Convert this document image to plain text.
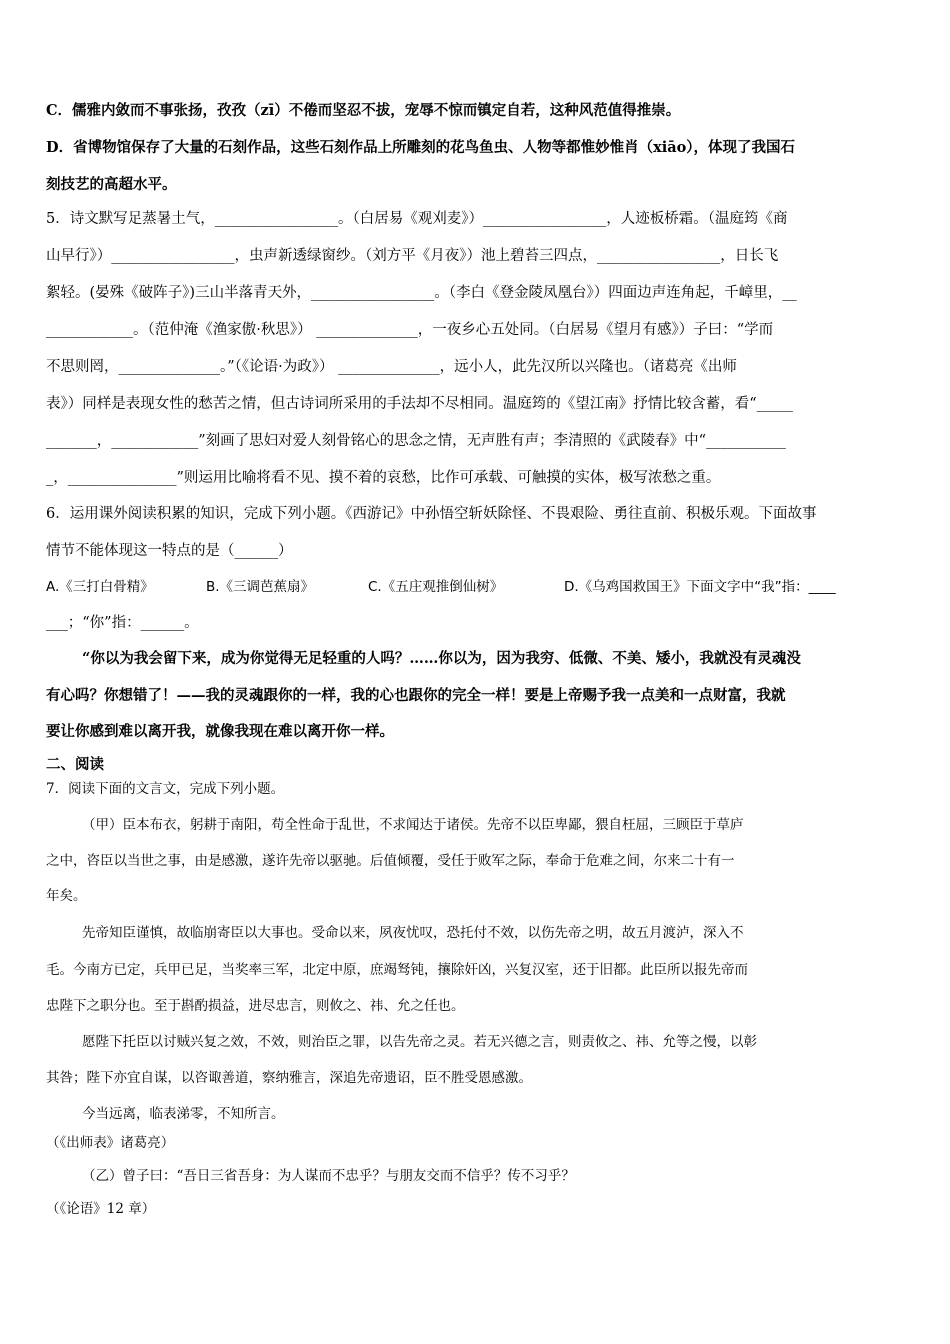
C．儒雅内敛而不事张扬，孜孜（zī）不倦而坚忍不拔，宠辱不惊而镇定自若，这种风范值得推崇。
D．省博物馆保存了大量的石刻作品，这些石刻作品上所雕刻的花鸟鱼虫、人物等都惟妙惟肖（xiāo），体现了我国石
刻技艺的高超水平。
5．诗文默写足蒸暑土气，_________________。（白居易《观刈麦》）_________________，人迹板桥霜。（温庭筠《商
山早行》）_________________，虫声新透绿窗纱。（刘方平《月夜》）池上碧苔三四点，_________________，日长飞
絮轻。(晏殊《破阵子》)三山半落青天外，_________________。（李白《登金陵凤凰台》）四面边声连角起，千嶂里，__
____________。（范仲淹《渔家傲·秋思》） ______________，一夜乡心五处同。（白居易《望月有感》）子曰：“学而
不思则罔，______________。”（《论语·为政》） ______________，远小人，此先汉所以兴隆也。（诸葛亮《出师
表》）同样是表现女性的愁苦之情，但古诗词所采用的手法却不尽相同。温庭筠的《望江南》抒情比较含蓄，看“_____
_______，____________”刻画了思妇对爱人刻骨铭心的思念之情，无声胜有声；李清照的《武陵春》中“___________
_，_______________”则运用比喻将看不见、摸不着的哀愁，比作可承载、可触摸的实体，极写浓愁之重。
6．运用课外阅读积累的知识，完成下列小题。《西游记》中孙悟空斩妖除怪、不畏艰险、勇往直前、积极乐观。下面故事
情节不能体现这一特点的是（______）
A.《三打白骨精》	B.《三调芭蕉扇》	C.《五庄观推倒仙树》	D.《乌鸡国救国王》下面文字中“我”指：____
___；“你”指：______。
“你以为我会留下来，成为你觉得无足轻重的人吗？……你以为，因为我穷、低微、不美、矮小，我就没有灵魂没
有心吗？你想错了！——我的灵魂跟你的一样，我的心也跟你的完全一样！要是上帝赐予我一点美和一点财富，我就
要让你感到难以离开我，就像我现在难以离开你一样。
二、阅读
7．阅读下面的文言文，完成下列小题。
（甲）臣本布衣，躬耕于南阳，苟全性命于乱世，不求闻达于诸侯。先帝不以臣卑鄙，猥自枉屈，三顾臣于草庐
之中，咨臣以当世之事，由是感激，遂许先帝以驱驰。后值倾覆，受任于败军之际，奉命于危难之间，尔来二十有一
年矣。
先帝知臣谨慎，故临崩寄臣以大事也。受命以来，夙夜忧叹，恐托付不效，以伤先帝之明，故五月渡泸，深入不
毛。今南方已定，兵甲已足，当奖率三军，北定中原，庶竭驽钝，攘除奸凶，兴复汉室，还于旧都。此臣所以报先帝而
忠陛下之职分也。至于斟酌损益，进尽忠言，则攸之、祎、允之任也。
愿陛下托臣以讨贼兴复之效，不效，则治臣之罪，以告先帝之灵。若无兴德之言，则责攸之、祎、允等之慢，以彰
其咎；陛下亦宜自谋，以咨诹善道，察纳雅言，深追先帝遗诏，臣不胜受恩感激。
今当远离，临表涕零，不知所言。
（《出师表》诸葛亮）
（乙）曾子曰：“吾日三省吾身：为人谋而不忠乎？与朋友交而不信乎？传不习乎？
（《论语》12 章）
